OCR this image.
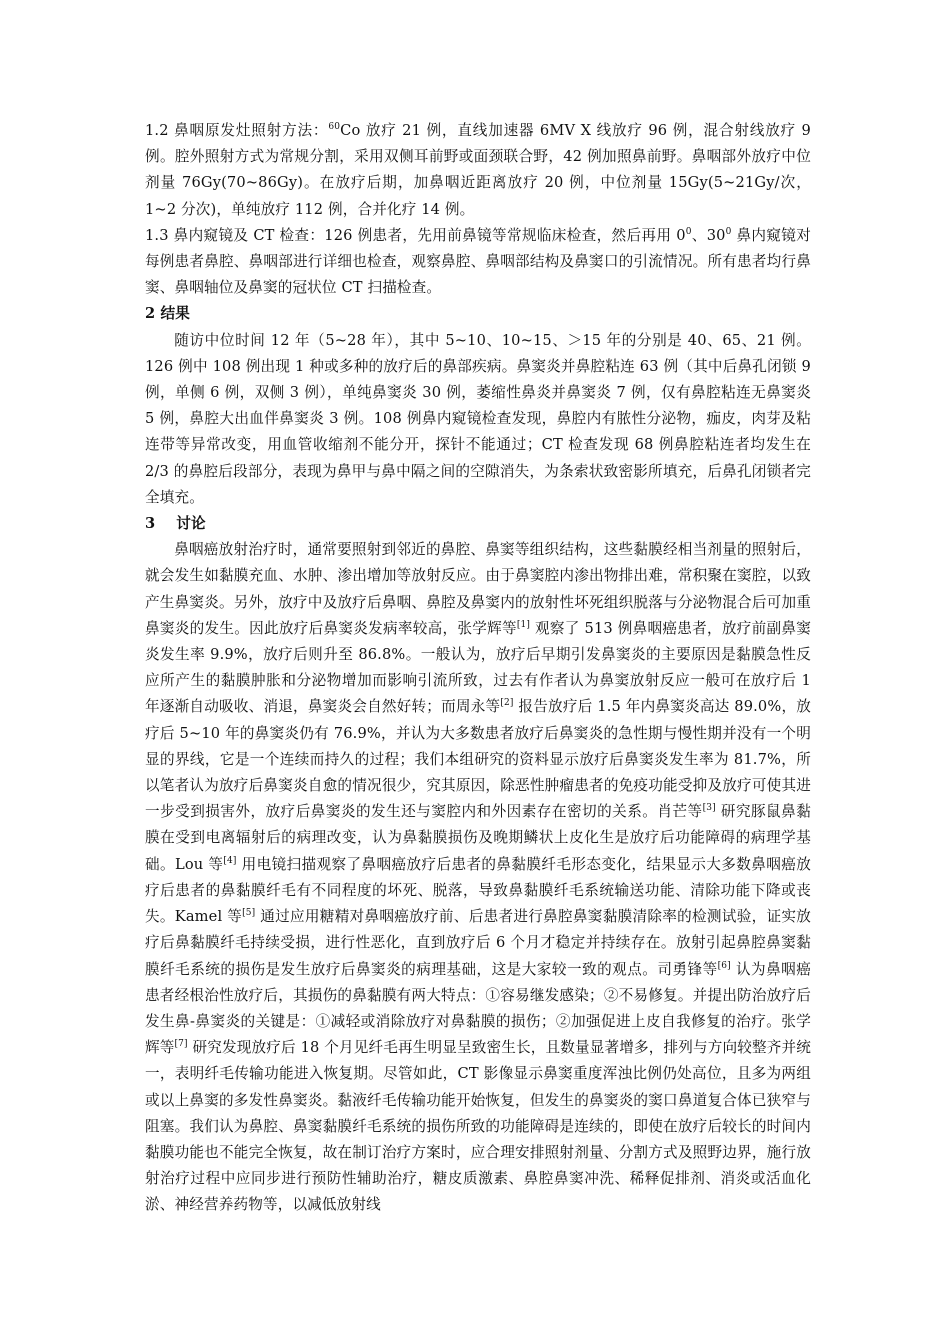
1.2 鼻咽原发灶照射方法：$^{60}$Co 放疗 21 例，直线加速器 6MV X 线放疗 96 例，混合射线放疗 9 例。腔外照射方式为常规分割，采用双侧耳前野或面颈联合野，42 例加照鼻前野。鼻咽部外放疗中位剂量 76Gy(70~86Gy)。在放疗后期，加鼻咽近距离放疗 20 例，中位剂量 15Gy(5~21Gy/次，1~2 分次)，单纯放疗 112 例，合并化疗 14 例。

1.3 鼻内窥镜及 CT 检查：126 例患者，先用前鼻镜等常规临床检查，然后再用 $0^0$、$30^0$ 鼻内窥镜对每例患者鼻腔、鼻咽部进行详细也检查，观察鼻腔、鼻咽部结构及鼻窦口的引流情况。所有患者均行鼻窦、鼻咽轴位及鼻窦的冠状位 CT 扫描检查。

2 结果

随访中位时间 12 年（5~28 年），其中 5~10、10~15、＞15 年的分别是 40、65、21 例。126 例中 108 例出现 1 种或多种的放疗后的鼻部疾病。鼻窦炎并鼻腔粘连 63 例（其中后鼻孔闭锁 9 例，单侧 6 例，双侧 3 例），单纯鼻窦炎 30 例，萎缩性鼻炎并鼻窦炎 7 例，仅有鼻腔粘连无鼻窦炎 5 例，鼻腔大出血伴鼻窦炎 3 例。108 例鼻内窥镜检查发现，鼻腔内有脓性分泌物，痂皮，肉芽及粘连带等异常改变，用血管收缩剂不能分开，探针不能通过；CT 检查发现 68 例鼻腔粘连者均发生在 2/3 的鼻腔后段部分，表现为鼻甲与鼻中隔之间的空隙消失，为条索状致密影所填充，后鼻孔闭锁者完全填充。

3    讨论

鼻咽癌放射治疗时，通常要照射到邻近的鼻腔、鼻窦等组织结构，这些黏膜经相当剂量的照射后，就会发生如黏膜充血、水肿、渗出增加等放射反应。由于鼻窦腔内渗出物排出难，常积聚在窦腔，以致产生鼻窦炎。另外，放疗中及放疗后鼻咽、鼻腔及鼻窦内的放射性坏死组织脱落与分泌物混合后可加重鼻窦炎的发生。因此放疗后鼻窦炎发病率较高，张学辉等[1] 观察了 513 例鼻咽癌患者，放疗前副鼻窦炎发生率 9.9%，放疗后则升至 86.8%。一般认为，放疗后早期引发鼻窦炎的主要原因是黏膜急性反应所产生的黏膜肿胀和分泌物增加而影响引流所致，过去有作者认为鼻窦放射反应一般可在放疗后 1 年逐渐自动吸收、消退，鼻窦炎会自然好转；而周永等[2] 报告放疗后 1.5 年内鼻窦炎高达 89.0%，放疗后 5~10 年的鼻窦炎仍有 76.9%，并认为大多数患者放疗后鼻窦炎的急性期与慢性期并没有一个明显的界线，它是一个连续而持久的过程；我们本组研究的资料显示放疗后鼻窦炎发生率为 81.7%，所以笔者认为放疗后鼻窦炎自愈的情况很少，究其原因，除恶性肿瘤患者的免疫功能受抑及放疗可使其进一步受到损害外，放疗后鼻窦炎的发生还与窦腔内和外因素存在密切的关系。肖芒等[3] 研究豚鼠鼻黏膜在受到电离辐射后的病理改变，认为鼻黏膜损伤及晚期鳞状上皮化生是放疗后功能障碍的病理学基础。Lou 等[4] 用电镜扫描观察了鼻咽癌放疗后患者的鼻黏膜纤毛形态变化，结果显示大多数鼻咽癌放疗后患者的鼻黏膜纤毛有不同程度的坏死、脱落，导致鼻黏膜纤毛系统输送功能、清除功能下降或丧失。Kamel 等[5] 通过应用糖精对鼻咽癌放疗前、后患者进行鼻腔鼻窦黏膜清除率的检测试验，证实放疗后鼻黏膜纤毛持续受损，进行性恶化，直到放疗后 6 个月才稳定并持续存在。放射引起鼻腔鼻窦黏膜纤毛系统的损伤是发生放疗后鼻窦炎的病理基础，这是大家较一致的观点。司勇锋等[6] 认为鼻咽癌患者经根治性放疗后，其损伤的鼻黏膜有两大特点：①容易继发感染；②不易修复。并提出防治放疗后发生鼻-鼻窦炎的关键是：①减轻或消除放疗对鼻黏膜的损伤；②加强促进上皮自我修复的治疗。张学辉等[7] 研究发现放疗后 18 个月见纤毛再生明显呈致密生长，且数量显著增多，排列与方向较整齐并统一，表明纤毛传输功能进入恢复期。尽管如此，CT 影像显示鼻窦重度浑浊比例仍处高位，且多为两组或以上鼻窦的多发性鼻窦炎。黏液纤毛传输功能开始恢复，但发生的鼻窦炎的窦口鼻道复合体已狭窄与阻塞。我们认为鼻腔、鼻窦黏膜纤毛系统的损伤所致的功能障碍是连续的，即使在放疗后较长的时间内黏膜功能也不能完全恢复，故在制订治疗方案时，应合理安排照射剂量、分割方式及照野边界，施行放射治疗过程中应同步进行预防性辅助治疗，糖皮质激素、鼻腔鼻窦冲洗、稀释促排剂、消炎或活血化淤、神经营养药物等，以减低放射线
